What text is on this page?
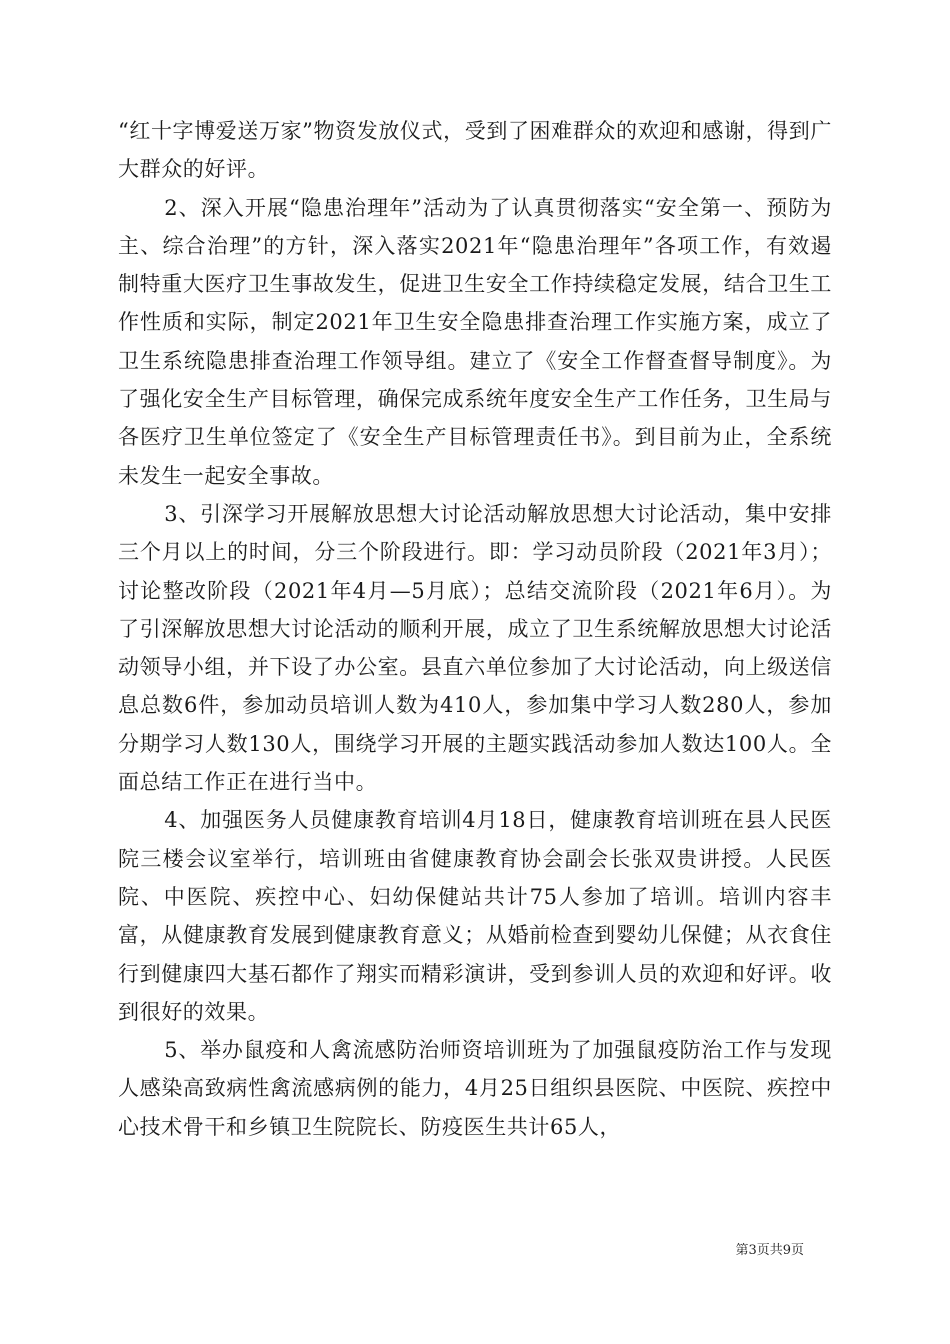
“红十字博爱送万家”物资发放仪式，受到了困难群众的欢迎和感谢，得到广大群众的好评。

2、深入开展“隐患治理年”活动为了认真贯彻落实“安全第一、预防为主、综合治理”的方针，深入落实2021年“隐患治理年”各项工作，有效遏制特重大医疗卫生事故发生，促进卫生安全工作持续稳定发展，结合卫生工作性质和实际，制定2021年卫生安全隐患排查治理工作实施方案，成立了卫生系统隐患排查治理工作领导组。建立了《安全工作督查督导制度》。为了强化安全生产目标管理，确保完成系统年度安全生产工作任务，卫生局与各医疗卫生单位签定了《安全生产目标管理责任书》。到目前为止，全系统未发生一起安全事故。

3、引深学习开展解放思想大讨论活动解放思想大讨论活动，集中安排三个月以上的时间，分三个阶段进行。即：学习动员阶段（2021年3月）；讨论整改阶段（2021年4月—5月底）；总结交流阶段（2021年6月）。为了引深解放思想大讨论活动的顺利开展，成立了卫生系统解放思想大讨论活动领导小组，并下设了办公室。县直六单位参加了大讨论活动，向上级送信息总数6件，参加动员培训人数为410人，参加集中学习人数280人，参加分期学习人数130人，围绕学习开展的主题实践活动参加人数达100人。全面总结工作正在进行当中。

4、加强医务人员健康教育培训4月18日，健康教育培训班在县人民医院三楼会议室举行，培训班由省健康教育协会副会长张双贵讲授。人民医院、中医院、疾控中心、妇幼保健站共计75人参加了培训。培训内容丰富，从健康教育发展到健康教育意义；从婚前检查到婴幼儿保健；从衣食住行到健康四大基石都作了翔实而精彩演讲，受到参训人员的欢迎和好评。收到很好的效果。

5、举办鼠疫和人禽流感防治师资培训班为了加强鼠疫防治工作与发现人感染高致病性禽流感病例的能力，4月25日组织县医院、中医院、疾控中心技术骨干和乡镇卫生院院长、防疫医生共计65人，

第3页共9页
